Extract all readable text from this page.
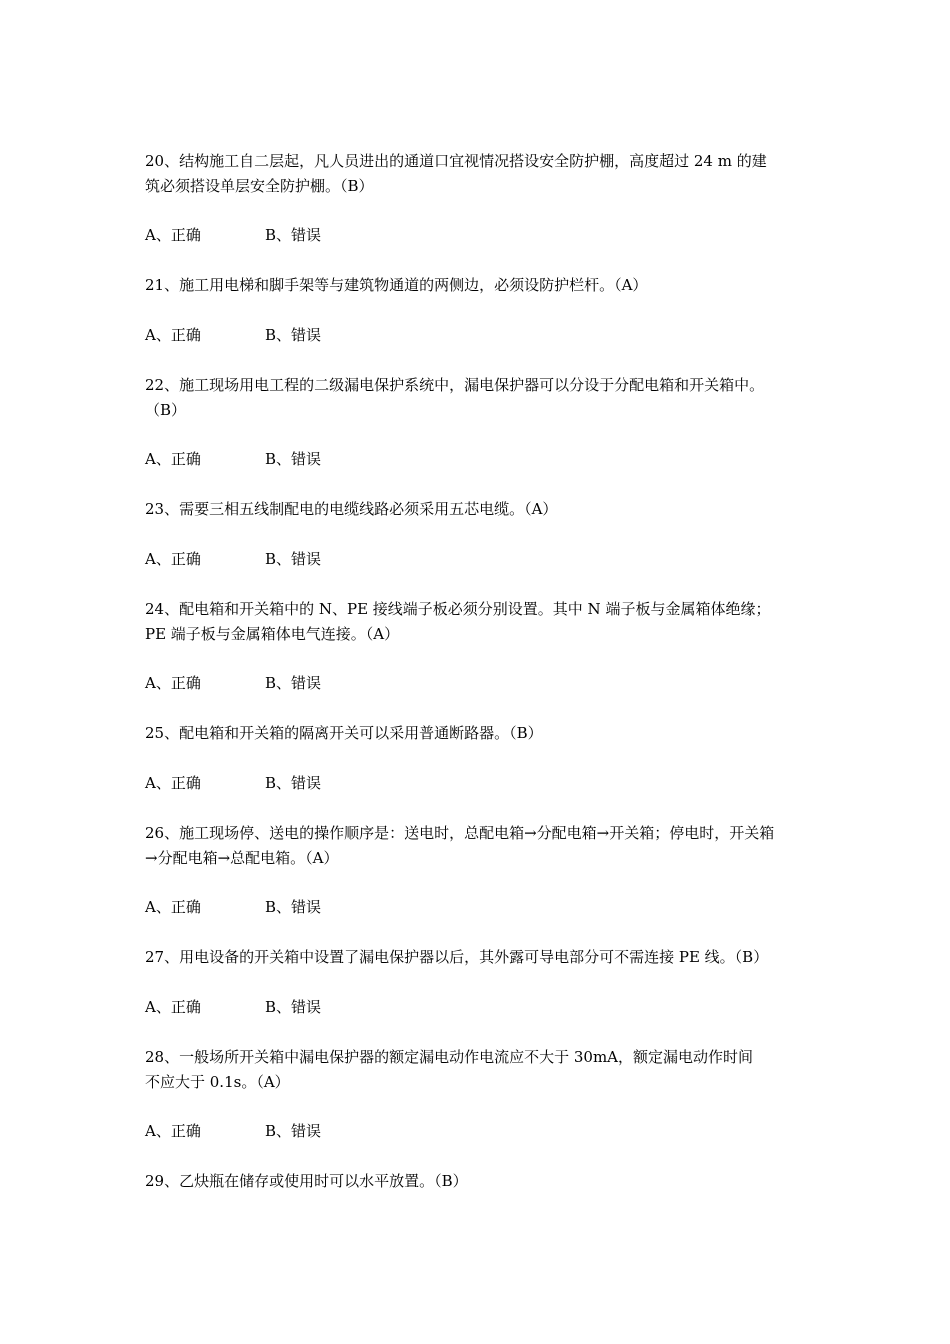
20、结构施工自二层起，凡人员进出的通道口宜视情况搭设安全防护棚，高度超过 24 m 的建
筑必须搭设单层安全防护棚。（B）
A、正确	B、错误
21、施工用电梯和脚手架等与建筑物通道的两侧边，必须设防护栏杆。（A）
A、正确	B、错误
22、施工现场用电工程的二级漏电保护系统中，漏电保护器可以分设于分配电箱和开关箱中。
（B）
A、正确	B、错误
23、需要三相五线制配电的电缆线路必须采用五芯电缆。（A）
A、正确	B、错误
24、配电箱和开关箱中的 N、PE 接线端子板必须分别设置。其中 N 端子板与金属箱体绝缘；
PE 端子板与金属箱体电气连接。（A）
A、正确	B、错误
25、配电箱和开关箱的隔离开关可以采用普通断路器。（B）
A、正确	B、错误
26、施工现场停、送电的操作顺序是：送电时，总配电箱→分配电箱→开关箱；停电时，开关箱
→分配电箱→总配电箱。（A）
A、正确	B、错误
27、用电设备的开关箱中设置了漏电保护器以后，其外露可导电部分可不需连接 PE 线。（B）
A、正确	B、错误
28、一般场所开关箱中漏电保护器的额定漏电动作电流应不大于 30mA，额定漏电动作时间
不应大于 0.1s。（A）
A、正确	B、错误
29、乙炔瓶在储存或使用时可以水平放置。（B）
